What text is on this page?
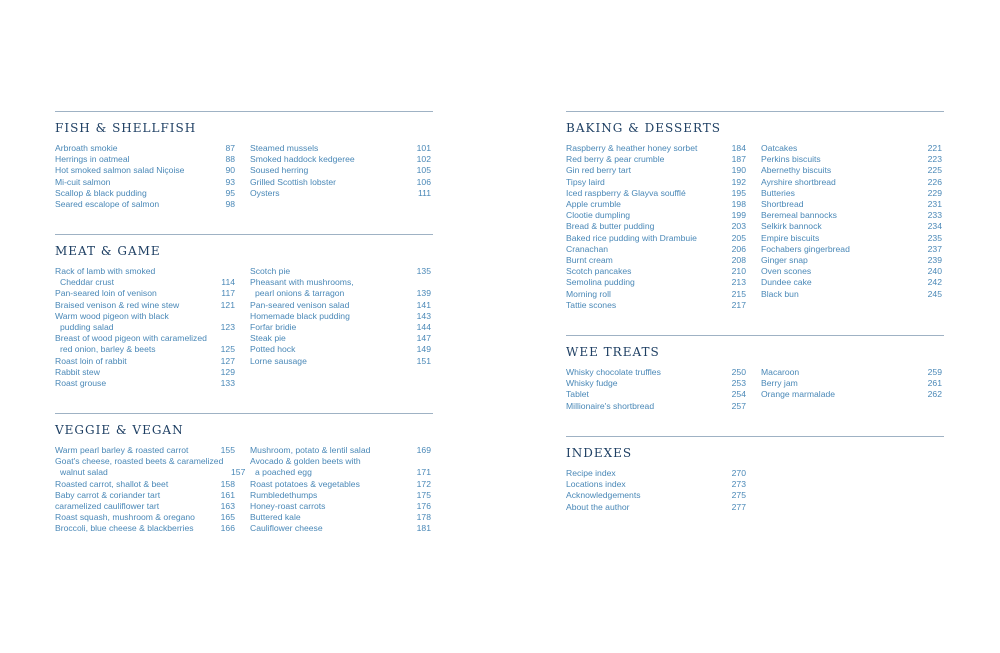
FISH & SHELLFISH
Arbroath smokie	87
Herrings in oatmeal	88
Hot smoked salmon salad Niçoise	90
Mi-cuit salmon	93
Scallop & black pudding	95
Seared escalope of salmon	98
Steamed mussels	101
Smoked haddock kedgeree	102
Soused herring	105
Grilled Scottish lobster	106
Oysters	111
MEAT & GAME
Rack of lamb with smoked
Cheddar crust	114
Pan-seared loin of venison	117
Braised venison & red wine stew	121
Warm wood pigeon with black
pudding salad	123
Breast of wood pigeon with caramelized
red onion, barley & beets	125
Roast loin of rabbit	127
Rabbit stew	129
Roast grouse	133
Scotch pie	135
Pheasant with mushrooms,
pearl onions & tarragon	139
Pan-seared venison salad	141
Homemade black pudding	143
Forfar bridie	144
Steak pie	147
Potted hock	149
Lorne sausage	151
VEGGIE & VEGAN
Warm pearl barley & roasted carrot	155
Goat's cheese, roasted beets & caramelized
walnut salad	157
Roasted carrot, shallot & beet	158
Baby carrot & coriander tart	161
caramelized cauliflower tart	163
Roast squash, mushroom & oregano	165
Broccoli, blue cheese & blackberries	166
Mushroom, potato & lentil salad	169
Avocado & golden beets with
a poached egg	171
Roast potatoes & vegetables	172
Rumbledethumps	175
Honey-roast carrots	176
Buttered kale	178
Cauliflower cheese	181
BAKING & DESSERTS
Raspberry & heather honey sorbet	184
Red berry & pear crumble	187
Gin red berry tart	190
Tipsy laird	192
Iced raspberry & Glayva soufflé	195
Apple crumble	198
Clootie dumpling	199
Bread & butter pudding	203
Baked rice pudding with Drambuie	205
Cranachan	206
Burnt cream	208
Scotch pancakes	210
Semolina pudding	213
Morning roll	215
Tattie scones	217
Oatcakes	221
Perkins biscuits	223
Abernethy biscuits	225
Ayrshire shortbread	226
Butteries	229
Shortbread	231
Beremeal bannocks	233
Selkirk bannock	234
Empire biscuits	235
Fochabers gingerbread	237
Ginger snap	239
Oven scones	240
Dundee cake	242
Black bun	245
WEE TREATS
Whisky chocolate truffles	250
Whisky fudge	253
Tablet	254
Millionaire's shortbread	257
Macaroon	259
Berry jam	261
Orange marmalade	262
INDEXES
Recipe index	270
Locations index	273
Acknowledgements	275
About the author	277
